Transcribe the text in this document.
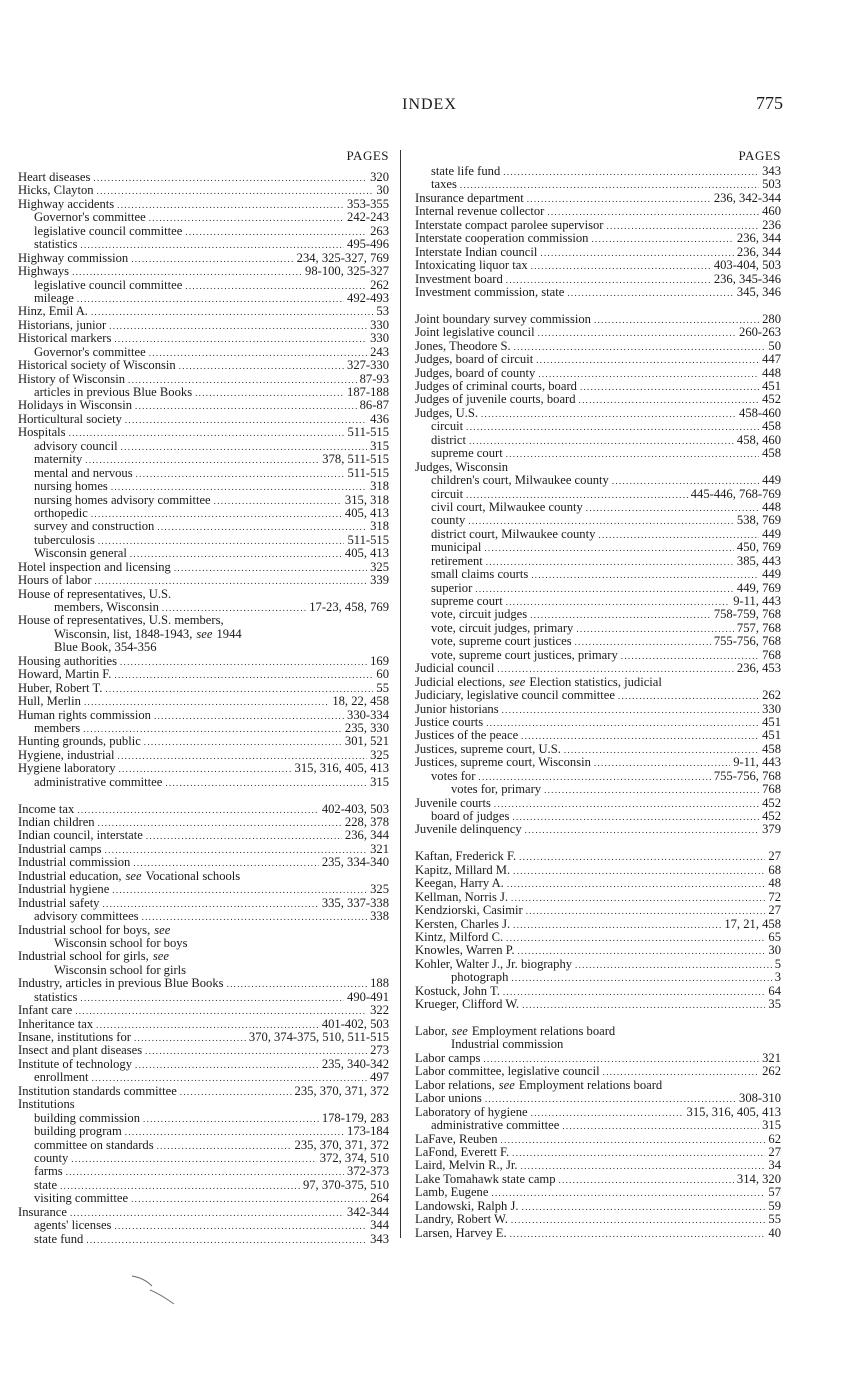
INDEX	775
PAGES
Heart diseases .....	320
Hicks, Clayton .....	30
Highway accidents .....	353-355
Governor's committee .....	242-243
legislative council committee .....	263
statistics .....	495-496
Highway commission .....	234, 325-327, 769
Highways .....	98-100, 325-327
legislative council committee .....	262
mileage .....	492-493
Hinz, Emil A. .....	53
Historians, junior .....	330
Historical markers .....	330
Governor's committee .....	243
Historical society of Wisconsin .....	327-330
History of Wisconsin .....	87-93
articles in previous Blue Books .....	187-188
Holidays in Wisconsin .....	86-87
Horticultural society .....	436
Hospitals .....	511-515
advisory council .....	315
maternity .....	378, 511-515
mental and nervous .....	511-515
nursing homes .....	318
nursing homes advisory committee .....	315, 318
orthopedic .....	405, 413
survey and construction .....	318
tuberculosis .....	511-515
Wisconsin general .....	405, 413
Hotel inspection and licensing .....	325
Hours of labor .....	339
House of representatives, U.S.
members, Wisconsin .....	17-23, 458, 769
House of representatives, U.S. members,
Wisconsin, list, 1848-1943, see 1944
Blue Book, 354-356
Housing authorities .....	169
Howard, Martin F. .....	60
Huber, Robert T. .....	55
Hull, Merlin .....	18, 22, 458
Human rights commission .....	330-334
members .....	235, 330
Hunting grounds, public .....	301, 521
Hygiene, industrial .....	325
Hygiene laboratory .....	315, 316, 405, 413
administrative committee .....	315
Income tax .....	402-403, 503
Indian children .....	228, 378
Indian council, interstate .....	236, 344
Industrial camps .....	321
Industrial commission .....	235, 334-340
Industrial education, see Vocational schools
Industrial hygiene .....	325
Industrial safety .....	335, 337-338
advisory committees .....	338
Industrial school for boys, see
Wisconsin school for boys
Industrial school for girls, see
Wisconsin school for girls
Industry, articles in previous Blue Books .....	188
statistics .....	490-491
Infant care .....	322
Inheritance tax .....	401-402, 503
Insane, institutions for .....	370, 374-375, 510, 511-515
Insect and plant diseases .....	273
Institute of technology .....	235, 340-342
enrollment .....	497
Institution standards committee .....	235, 370, 371, 372
Institutions
building commission .....	178-179, 283
building program .....	173-184
committee on standards .....	235, 370, 371, 372
county .....	372, 374, 510
farms .....	372-373
state .....	97, 370-375, 510
visiting committee .....	264
Insurance .....	342-344
agents' licenses .....	344
state fund .....	343
PAGES
state life fund .....	343
taxes .....	503
Insurance department .....	236, 342-344
Internal revenue collector .....	460
Interstate compact parolee supervisor .....	236
Interstate cooperation commission .....	236, 344
Interstate Indian council .....	236, 344
Intoxicating liquor tax .....	403-404, 503
Investment board .....	236, 345-346
Investment commission, state .....	345, 346
Joint boundary survey commission .....	280
Joint legislative council .....	260-263
Jones, Theodore S. .....	50
Judges, board of circuit .....	447
Judges, board of county .....	448
Judges of criminal courts, board .....	451
Judges of juvenile courts, board .....	452
Judges, U.S. .....	458-460
circuit .....	458
district .....	458, 460
supreme court .....	458
Judges, Wisconsin
children's court, Milwaukee county .....	449
circuit .....	445-446, 768-769
civil court, Milwaukee county .....	448
county .....	538, 769
district court, Milwaukee county .....	449
municipal .....	450, 769
retirement .....	385, 443
small claims courts .....	449
superior .....	449, 769
supreme court .....	9-11, 443
vote, circuit judges .....	758-759, 768
vote, circuit judges, primary .....	757, 768
vote, supreme court justices .....	755-756, 768
vote, supreme court justices, primary .....	768
Judicial council .....	236, 453
Judicial elections, see Election statistics, judicial
Judiciary, legislative council committee .....	262
Junior historians .....	330
Justice courts .....	451
Justices of the peace .....	451
Justices, supreme court, U.S. .....	458
Justices, supreme court, Wisconsin .....	9-11, 443
votes for .....	755-756, 768
votes for, primary .....	768
Juvenile courts .....	452
board of judges .....	452
Juvenile delinquency .....	379
Kaftan, Frederick F. .....	27
Kapitz, Millard M. .....	68
Keegan, Harry A. .....	48
Kellman, Norris J. .....	72
Kendziorski, Casimir .....	27
Kersten, Charles J. .....	17, 21, 458
Kintz, Milford C. .....	65
Knowles, Warren P. .....	30
Kohler, Walter J., Jr. biography .....	5
photograph .....	3
Kostuck, John T. .....	64
Krueger, Clifford W. .....	35
Labor, see Employment relations board
Industrial commission
Labor camps .....	321
Labor committee, legislative council .....	262
Labor relations, see Employment relations board
Labor unions .....	308-310
Laboratory of hygiene .....	315, 316, 405, 413
administrative committee .....	315
LaFave, Reuben .....	62
LaFond, Everett F. .....	27
Laird, Melvin R., Jr. .....	34
Lake Tomahawk state camp .....	314, 320
Lamb, Eugene .....	57
Landowski, Ralph J. .....	59
Landry, Robert W. .....	55
Larsen, Harvey E. .....	40
